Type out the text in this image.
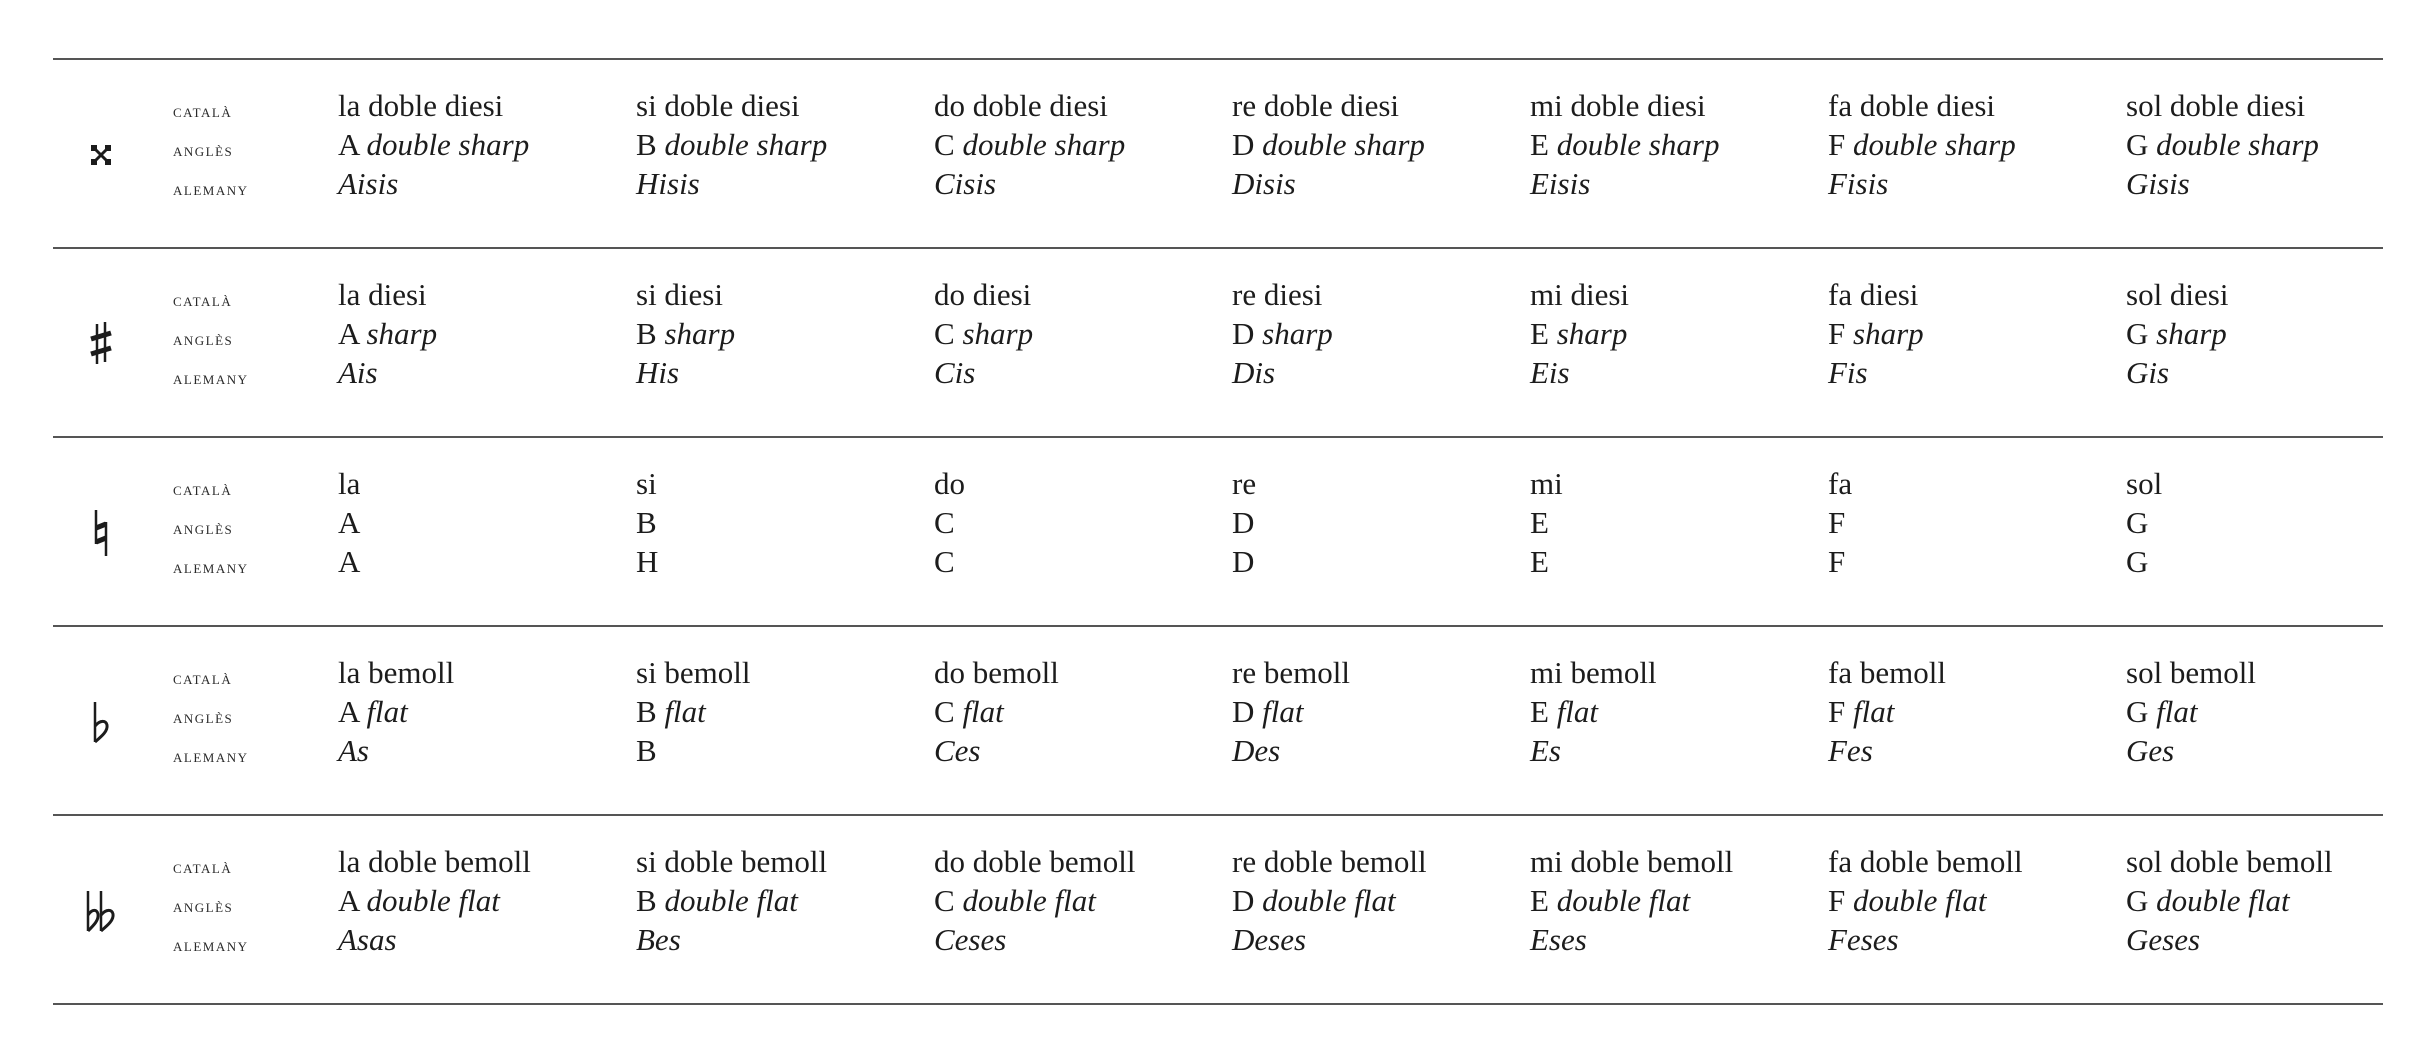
català
anglès
alemany
la doble diesi
A double sharp
Aisis
si doble diesi
B double sharp
Hisis
do doble diesi
C double sharp
Cisis
re doble diesi
D double sharp
Disis
mi doble diesi
E double sharp
Eisis
fa doble diesi
F double sharp
Fisis
sol doble diesi
G double sharp
Gisis
català
anglès
alemany
la diesi
A sharp
Ais
si diesi
B sharp
His
do diesi
C sharp
Cis
re diesi
D sharp
Dis
mi diesi
E sharp
Eis
fa diesi
F sharp
Fis
sol diesi
G sharp
Gis
català
anglès
alemany
la
A
A
si
B
H
do
C
C
re
D
D
mi
E
E
fa
F
F
sol
G
G
català
anglès
alemany
la bemoll
A flat
As
si bemoll
B flat
B
do bemoll
C flat
Ces
re bemoll
D flat
Des
mi bemoll
E flat
Es
fa bemoll
F flat
Fes
sol bemoll
G flat
Ges
català
anglès
alemany
la doble bemoll
A double flat
Asas
si doble bemoll
B double flat
Bes
do doble bemoll
C double flat
Ceses
re doble bemoll
D double flat
Deses
mi doble bemoll
E double flat
Eses
fa doble bemoll
F double flat
Feses
sol doble bemoll
G double flat
Geses
